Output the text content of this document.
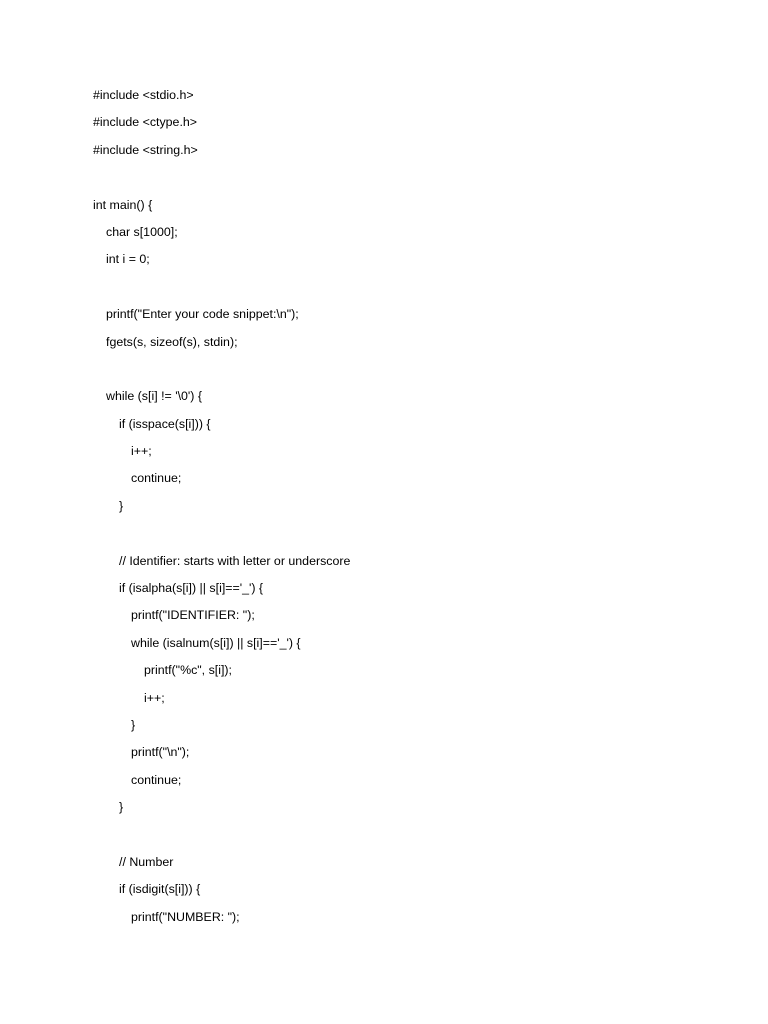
#include <stdio.h>
#include <ctype.h>
#include <string.h>
int main() {
char s[1000];
int i = 0;
printf("Enter your code snippet:\n");
fgets(s, sizeof(s), stdin);
while (s[i] != '\0') {
if (isspace(s[i])) {
i++;
continue;
}
// Identifier: starts with letter or underscore
if (isalpha(s[i]) || s[i]=='_') {
printf("IDENTIFIER: ");
while (isalnum(s[i]) || s[i]=='_') {
printf("%c", s[i]);
i++;
}
printf("\n");
continue;
}
// Number
if (isdigit(s[i])) {
printf("NUMBER: ");
